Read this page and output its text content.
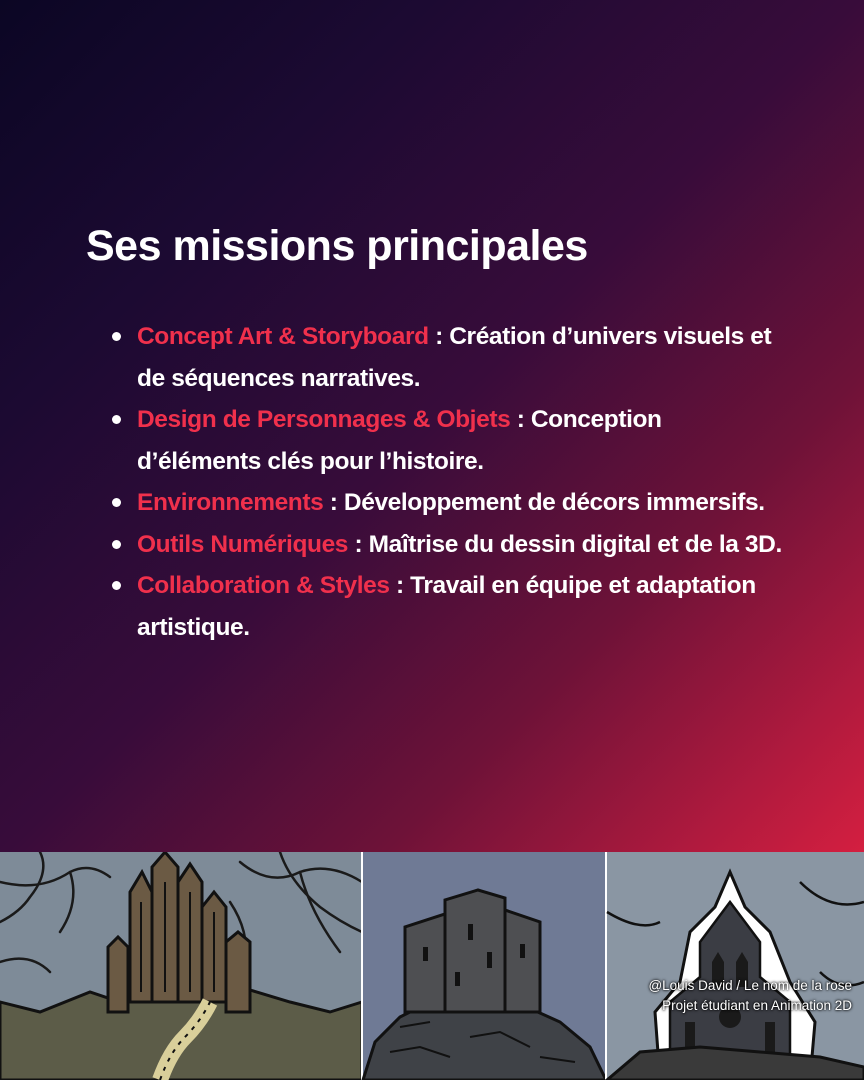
Ses missions principales
Concept Art & Storyboard : Création d’univers visuels et de séquences narratives.
Design de Personnages & Objets : Conception d’éléments clés pour l’histoire.
Environnements : Développement de décors immersifs.
Outils Numériques : Maîtrise du dessin digital et de la 3D.
Collaboration & Styles : Travail en équipe et adaptation artistique.
@Louis David / Le nom de la rose
Projet étudiant en Animation 2D
